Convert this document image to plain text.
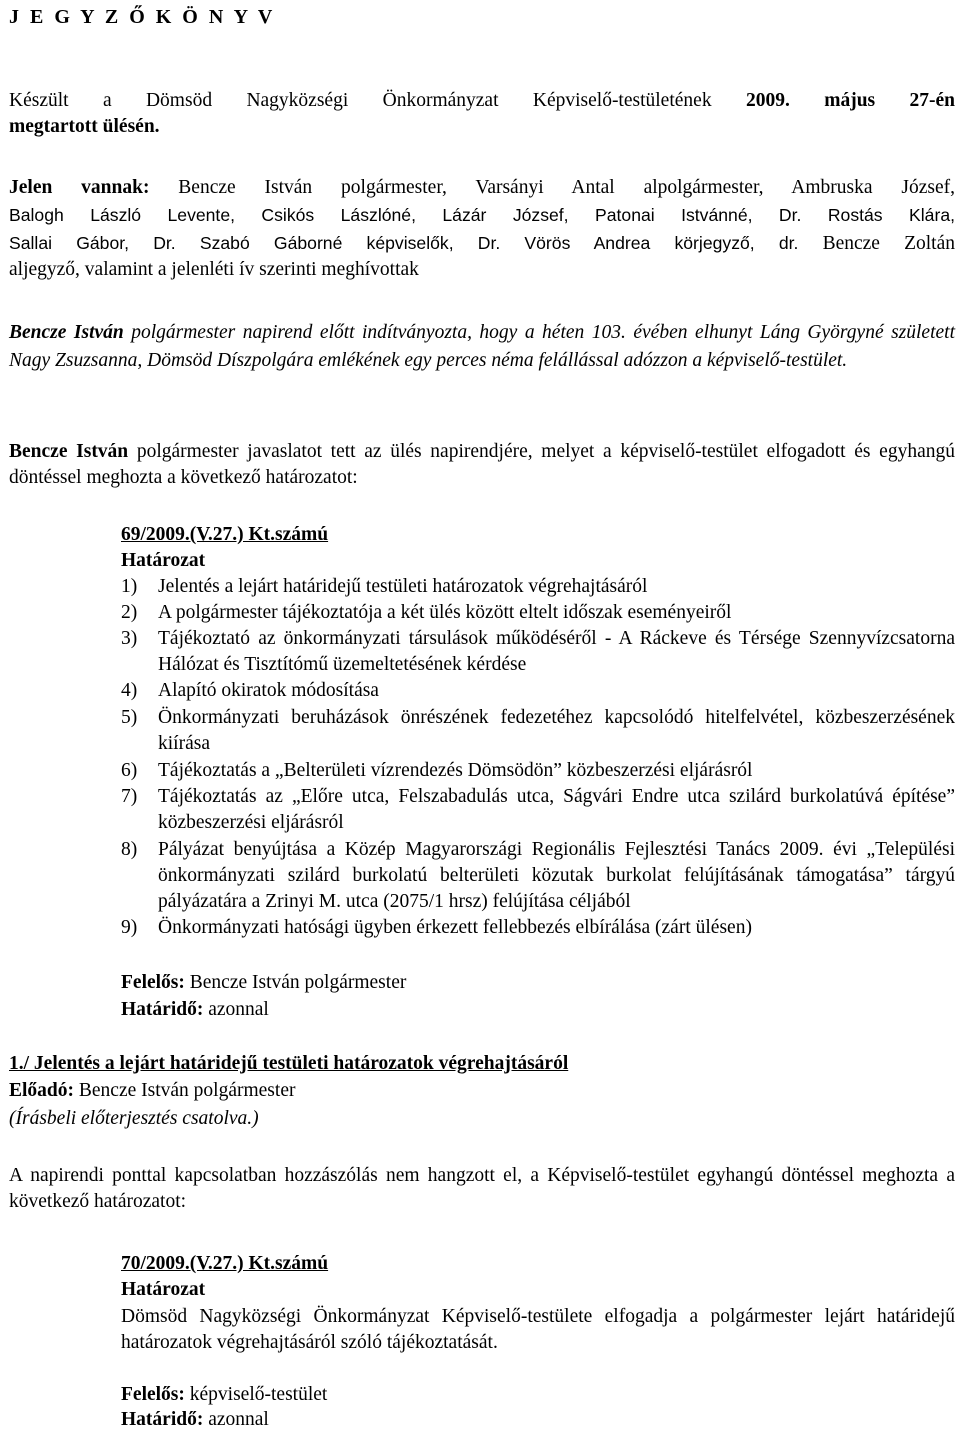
J E G Y Z Ő K Ö N Y V
Készült a Dömsöd Nagyközségi Önkormányzat Képviselő-testületének 2009. május 27-én
megtartott ülésén.
Jelen vannak: Bencze István polgármester, Varsányi Antal alpolgármester, Ambruska József,
Balogh László Levente, Csikós Lászlóné, Lázár József, Patonai Istvánné, Dr. Rostás Klára,
Sallai Gábor, Dr. Szabó Gáborné képviselők, Dr. Vörös Andrea körjegyző, dr. Bencze Zoltán
aljegyző, valamint a jelenléti ív szerinti meghívottak
Bencze István polgármester napirend előtt indítványozta, hogy a héten 103. évében elhunyt Láng Györgyné született Nagy Zsuzsanna, Dömsöd Díszpolgára emlékének egy perces néma felállással adózzon a képviselő-testület.
Bencze István polgármester javaslatot tett az ülés napirendjére, melyet a képviselő-testület elfogadott és egyhangú döntéssel meghozta a következő határozatot:
69/2009.(V.27.) Kt.számú
Határozat
1)	Jelentés a lejárt határidejű testületi határozatok végrehajtásáról
2)	A polgármester tájékoztatója a két ülés között eltelt időszak eseményeiről
3)	Tájékoztató az önkormányzati társulások működéséről - A Ráckeve és Térsége Szennyvízcsatorna Hálózat és Tisztítómű üzemeltetésének kérdése
4)	Alapító okiratok módosítása
5)	Önkormányzati beruházások önrészének fedezetéhez kapcsolódó hitelfelvétel, közbeszerzésének kiírása
6)	Tájékoztatás a „Belterületi vízrendezés Dömsödön” közbeszerzési eljárásról
7)	Tájékoztatás az „Előre utca, Felszabadulás utca, Ságvári Endre utca szilárd burkolatúvá építése” közbeszerzési eljárásról
8)	Pályázat benyújtása a Közép Magyarországi Regionális Fejlesztési Tanács 2009. évi „Települési önkormányzati szilárd burkolatú belterületi közutak burkolat felújításának támogatása” tárgyú pályázatára a Zrinyi M. utca (2075/1 hrsz) felújítása céljából
9)	Önkormányzati hatósági ügyben érkezett fellebbezés elbírálása (zárt ülésen)
Felelős: Bencze István polgármester
Határidő: azonnal
1./ Jelentés a lejárt határidejű testületi határozatok végrehajtásáról
Előadó: Bencze István polgármester
(Írásbeli előterjesztés csatolva.)
A napirendi ponttal kapcsolatban hozzászólás nem hangzott el, a Képviselő-testület egyhangú döntéssel meghozta a következő határozatot:
70/2009.(V.27.) Kt.számú
Határozat
Dömsöd Nagyközségi Önkormányzat Képviselő-testülete elfogadja a polgármester lejárt határidejű határozatok végrehajtásáról szóló tájékoztatását.
Felelős: képviselő-testület
Határidő: azonnal
